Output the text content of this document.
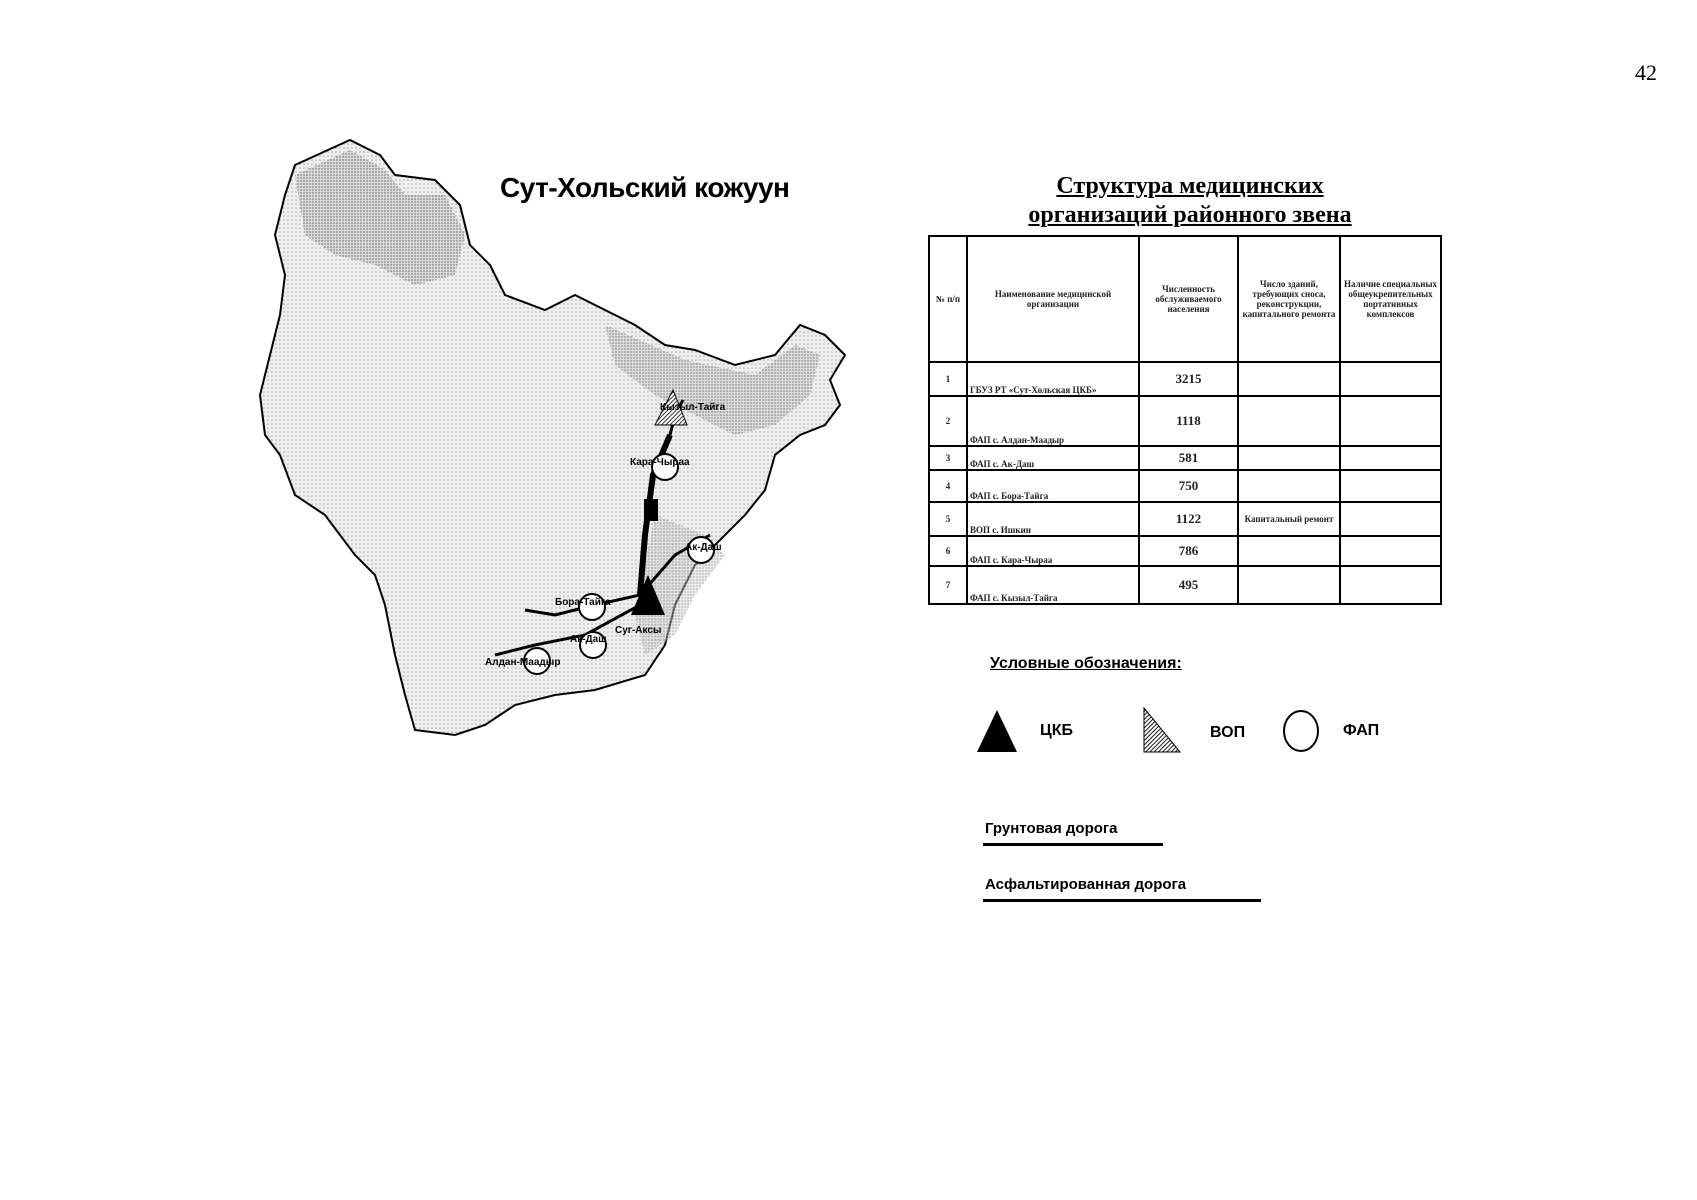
42
Кызыл-Тайга
Кара-Чыраа
Ак-Даш
Бора-Тайга
Суг-Аксы
Ак-Даш
Алдан-Маадыр
Сут-Хольский кожуун	Структура медицинских
организаций районного звена
№ п/п	Наименование медицинской организации	Численность обслуживаемого населения	Число зданий, требующих сноса, реконструкции, капитального ремонта	Наличие специальных общеукрепительных портативных комплексов
1	ГБУЗ РТ «Сут-Хольская ЦКБ»	3215		
2	ФАП с. Алдан-Маадыр	1118		
3	ФАП с. Ак-Даш	581		
4	ФАП с. Бора-Тайга	750		
5	ВОП с. Ишкин	1122	Капитальный ремонт	
6	ФАП с. Кара-Чыраа	786		
7	ФАП с. Кызыл-Тайга	495		
Условные обозначения:
ЦКБ	ВОП	ФАП
Грунтовая дорога
Асфальтированная дорога
